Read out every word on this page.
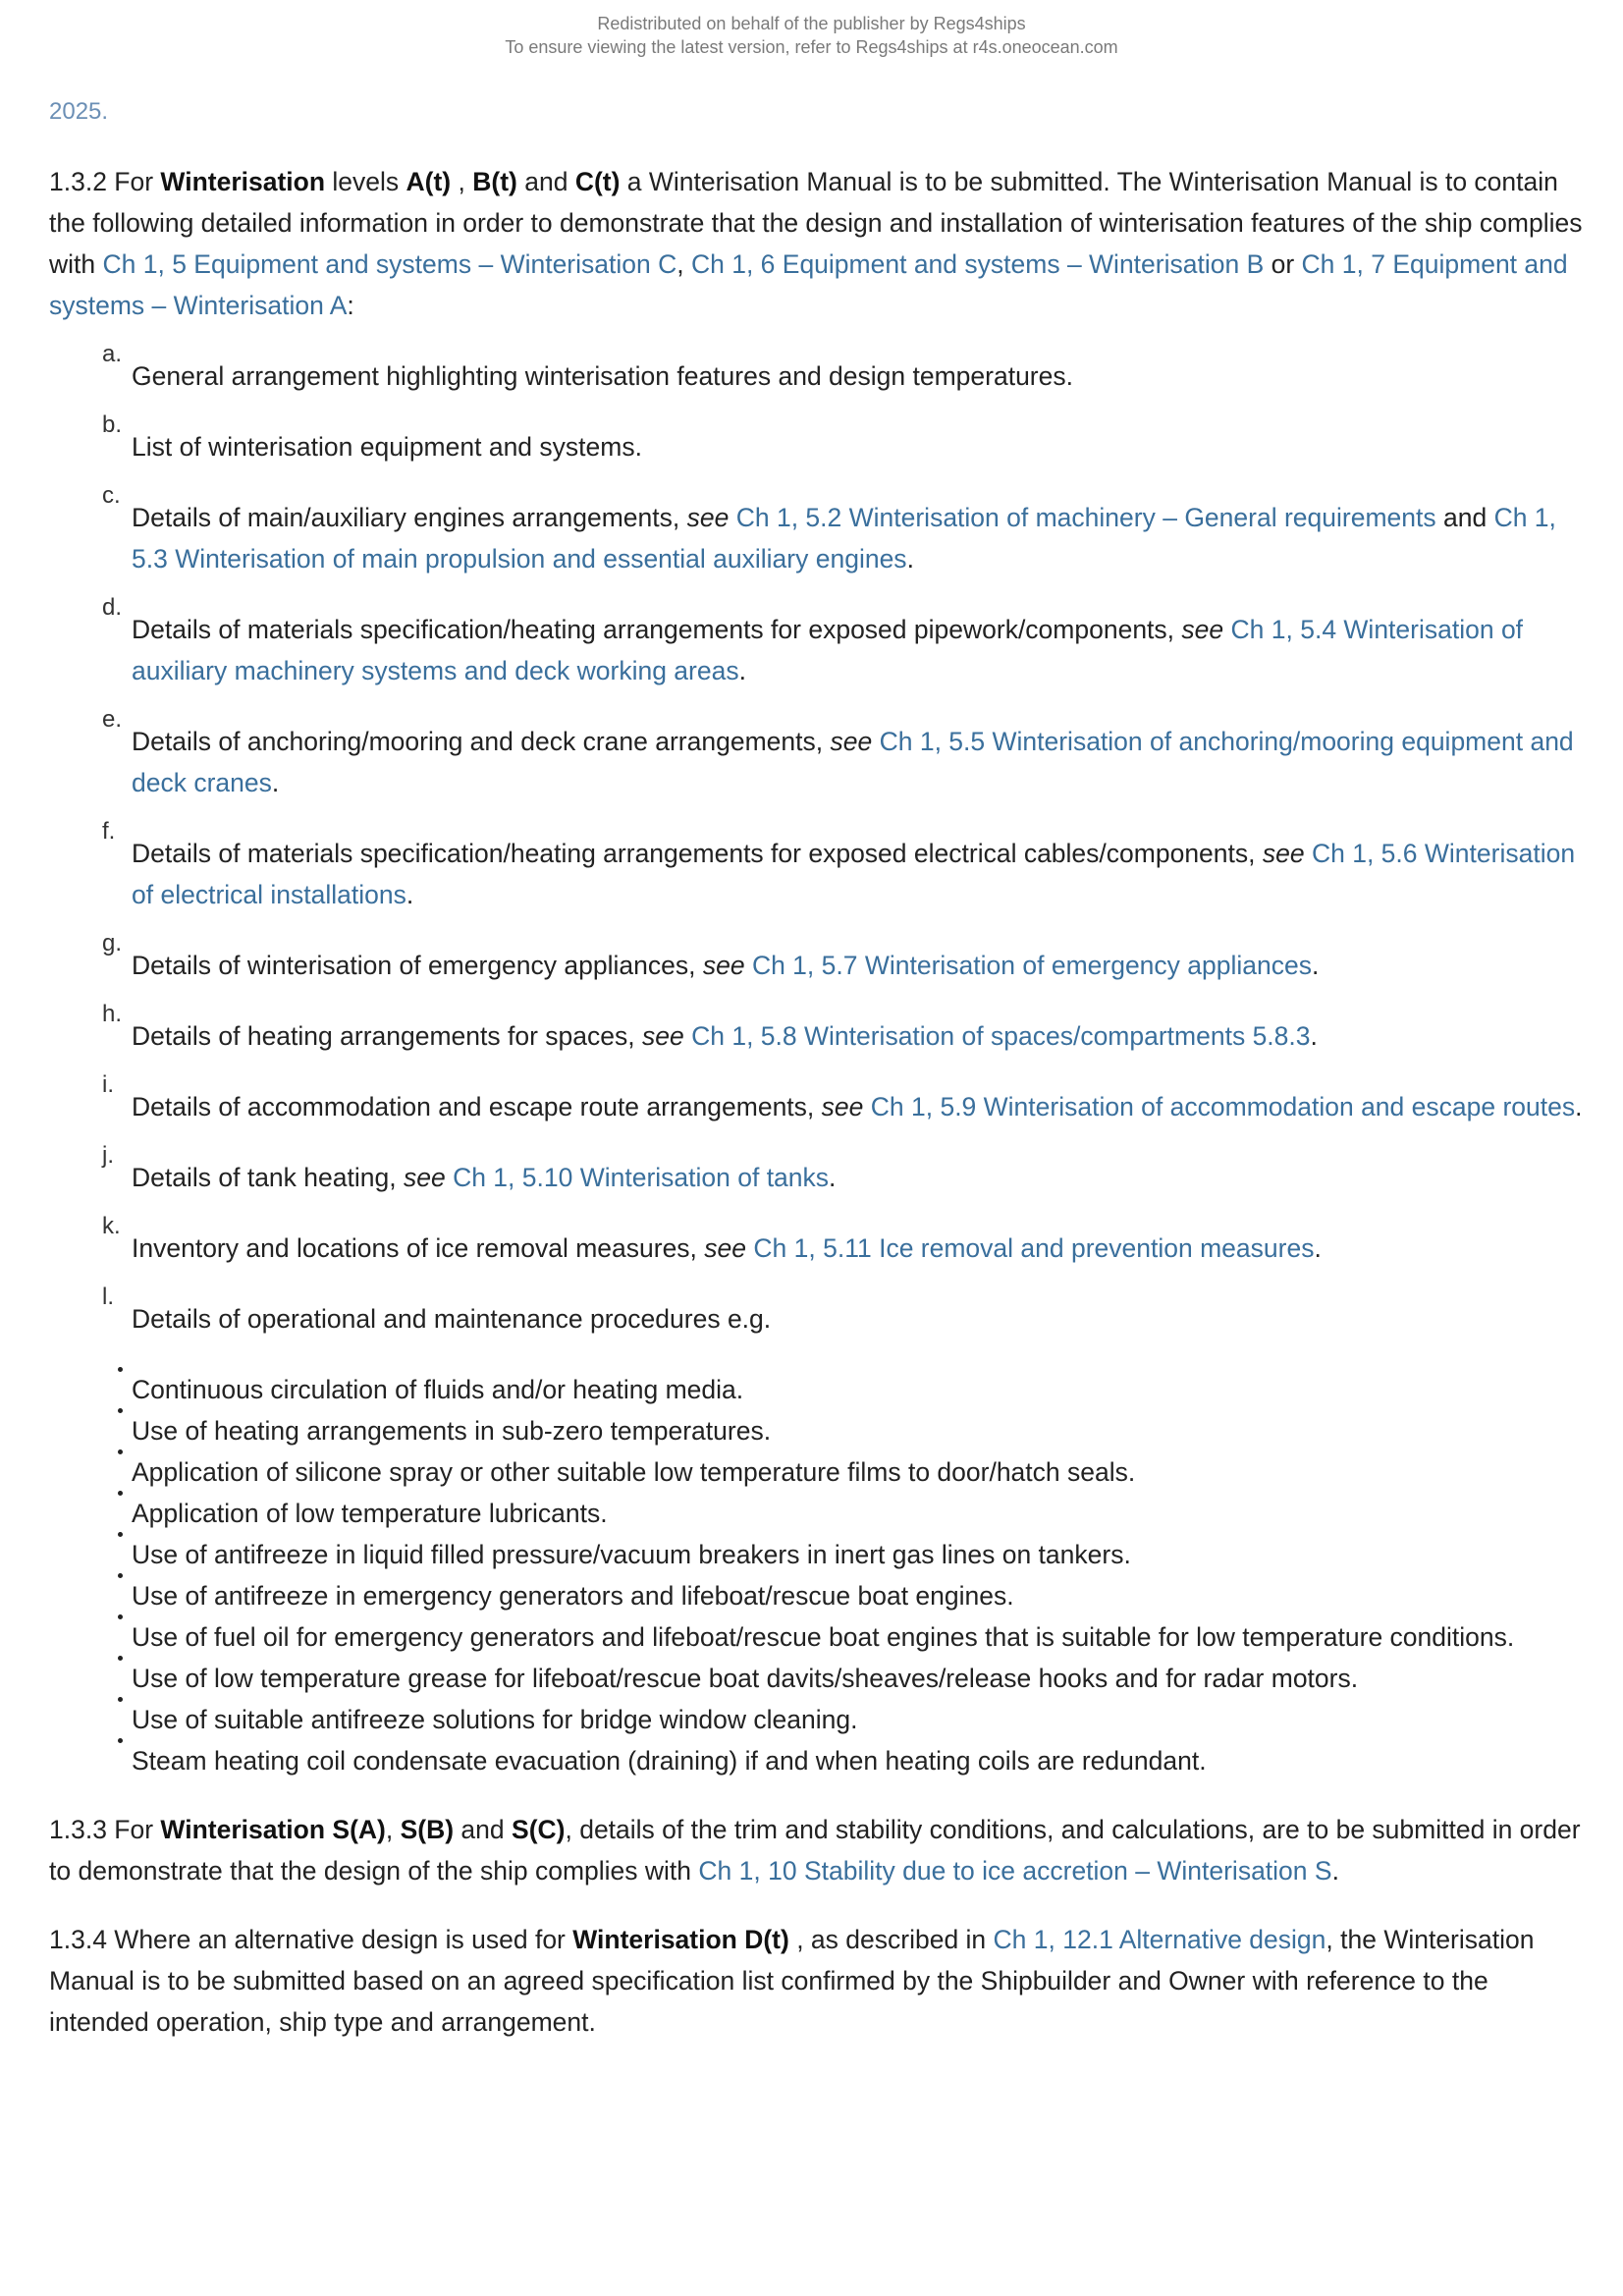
Redistributed on behalf of the publisher by Regs4ships
To ensure viewing the latest version, refer to Regs4ships at r4s.oneocean.com
2025.

1.3.2 For Winterisation levels A(t) , B(t) and C(t) a Winterisation Manual is to be submitted. The Winterisation Manual is to contain the following detailed information in order to demonstrate that the design and installation of winterisation features of the ship complies with Ch 1, 5 Equipment and systems – Winterisation C, Ch 1, 6 Equipment and systems – Winterisation B or Ch 1, 7 Equipment and systems – Winterisation A:

a.
General arrangement highlighting winterisation features and design temperatures.
b.
List of winterisation equipment and systems.
c.
Details of main/auxiliary engines arrangements, see Ch 1, 5.2 Winterisation of machinery – General requirements and Ch 1, 5.3 Winterisation of main propulsion and essential auxiliary engines.
d.
Details of materials specification/heating arrangements for exposed pipework/components, see Ch 1, 5.4 Winterisation of auxiliary machinery systems and deck working areas.
e.
Details of anchoring/mooring and deck crane arrangements, see Ch 1, 5.5 Winterisation of anchoring/mooring equipment and deck cranes.
f.
Details of materials specification/heating arrangements for exposed electrical cables/components, see Ch 1, 5.6 Winterisation of electrical installations.
g.
Details of winterisation of emergency appliances, see Ch 1, 5.7 Winterisation of emergency appliances.
h.
Details of heating arrangements for spaces, see Ch 1, 5.8 Winterisation of spaces/compartments 5.8.3.
i.
Details of accommodation and escape route arrangements, see Ch 1, 5.9 Winterisation of accommodation and escape routes.
j.
Details of tank heating, see Ch 1, 5.10 Winterisation of tanks.
k.
Inventory and locations of ice removal measures, see Ch 1, 5.11 Ice removal and prevention measures.
l.
Details of operational and maintenance procedures e.g.
Continuous circulation of fluids and/or heating media.
Use of heating arrangements in sub-zero temperatures.
Application of silicone spray or other suitable low temperature films to door/hatch seals.
Application of low temperature lubricants.
Use of antifreeze in liquid filled pressure/vacuum breakers in inert gas lines on tankers.
Use of antifreeze in emergency generators and lifeboat/rescue boat engines.
Use of fuel oil for emergency generators and lifeboat/rescue boat engines that is suitable for low temperature conditions.
Use of low temperature grease for lifeboat/rescue boat davits/sheaves/release hooks and for radar motors.
Use of suitable antifreeze solutions for bridge window cleaning.
Steam heating coil condensate evacuation (draining) if and when heating coils are redundant.

1.3.3 For Winterisation S(A), S(B) and S(C), details of the trim and stability conditions, and calculations, are to be submitted in order to demonstrate that the design of the ship complies with Ch 1, 10 Stability due to ice accretion – Winterisation S.

1.3.4 Where an alternative design is used for Winterisation D(t) , as described in Ch 1, 12.1 Alternative design, the Winterisation Manual is to be submitted based on an agreed specification list confirmed by the Shipbuilder and Owner with reference to the intended operation, ship type and arrangement.
